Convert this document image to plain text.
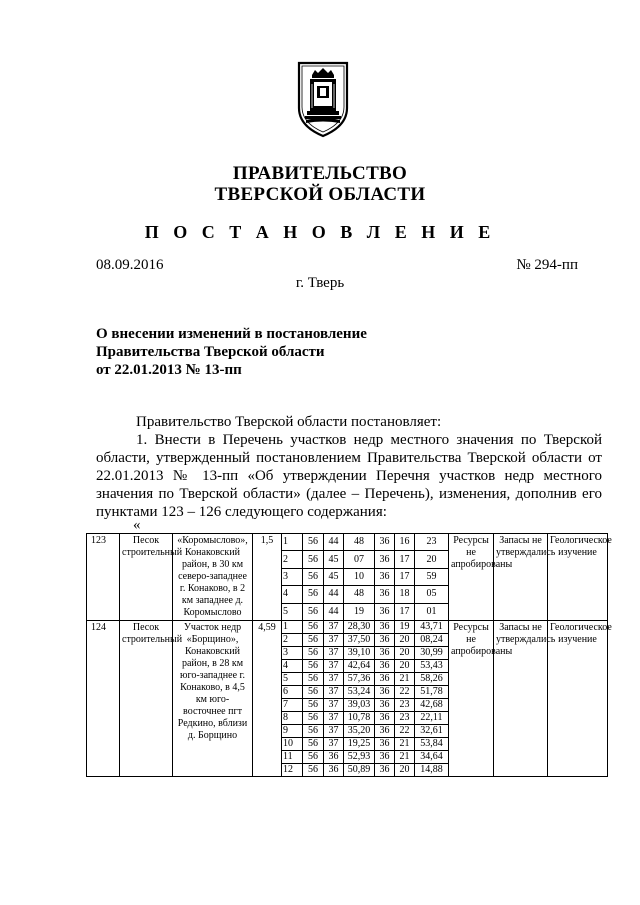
ПРАВИТЕЛЬСТВО
ТВЕРСКОЙ ОБЛАСТИ
П О С Т А Н О В Л Е Н И Е
08.09.2016	№ 294-пп
г. Тверь
О внесении изменений в постановление
Правительства Тверской области
от 22.01.2013 № 13-пп
Правительство Тверской области постановляет:

1. Внести в Перечень участков недр местного значения по Тверской области, утвержденный постановлением Правительства Тверской области от 22.01.2013 № 13-пп «Об утверждении Перечня участков недр местного значения по Тверской области» (далее – Перечень), изменения, дополнив его пунктами 123 – 126 следующего содержания:

«
123	Песок строительный	«Коромыслово», Конаковский район, в 30 км северо-западнее г. Конаково, в 2 км западнее д. Коромыслово	1,5	1	56	44	48	36	16	23	Ресурсы не апробированы	Запасы не утверждались	Геологическое изучение
				2	56	45	07	36	17	20			
				3	56	45	10	36	17	59			
				4	56	44	48	36	18	05			
				5	56	44	19	36	17	01			
124	Песок строительный	Участок недр «Борщино», Конаковский район, в 28 км юго-западнее г. Конаково, в 4,5 км юго-восточнее пгт Редкино, вблизи д. Борщино	4,59	1	56	37	28,30	36	19	43,71	Ресурсы не апробированы	Запасы не утверждались	Геологическое изучение
				2	56	37	37,50	36	20	08,24			
				3	56	37	39,10	36	20	30,99			
				4	56	37	42,64	36	20	53,43			
				5	56	37	57,36	36	21	58,26			
				6	56	37	53,24	36	22	51,78			
				7	56	37	39,03	36	23	42,68			
				8	56	37	10,78	36	23	22,11			
				9	56	37	35,20	36	22	32,61			
				10	56	37	19,25	36	21	53,84			
				11	56	36	52,93	36	21	34,64			
				12	56	36	50,89	36	20	14,88			
